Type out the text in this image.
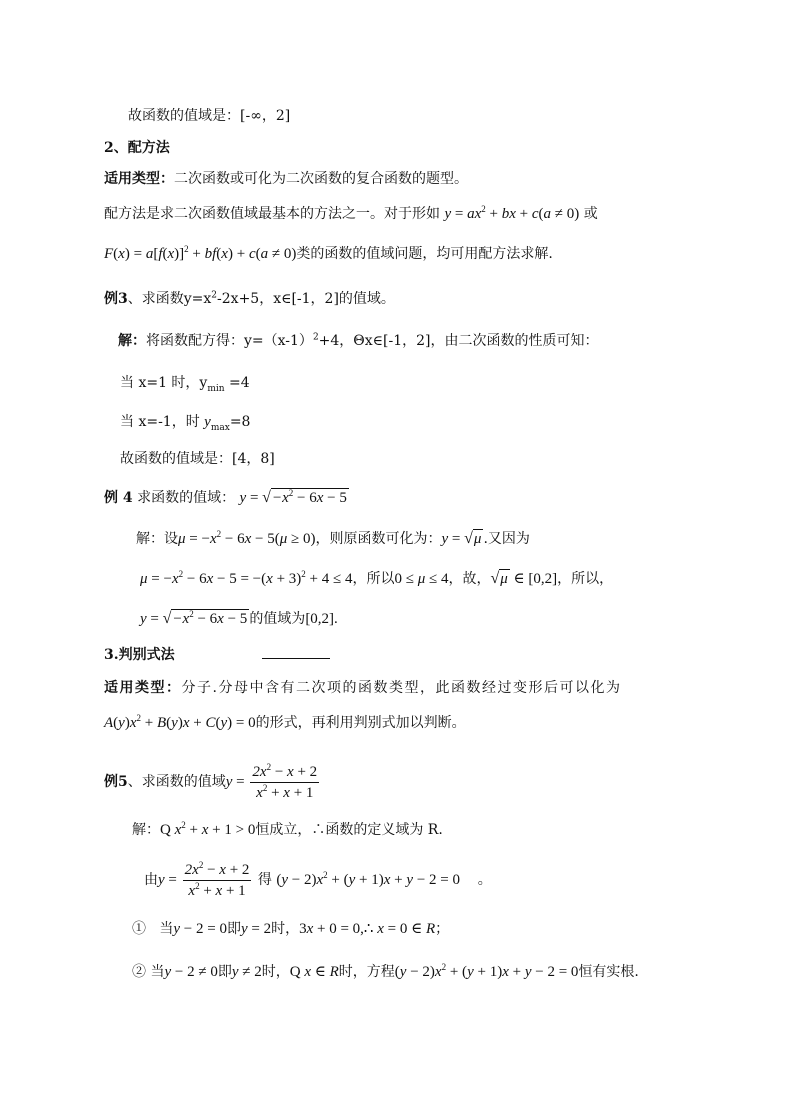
故函数的值域是：[-∞，2]
2、配方法
适用类型：二次函数或可化为二次函数的复合函数的题型。
配方法是求二次函数值域最基本的方法之一。对于形如 $y = ax^2$ + bx + c(a ≠ 0) 或
$F(x) = a[f(x)]^2 + bf(x) + c(a \ne 0)$类的函数的值域问题，均可用配方法求解.
例3、求函数$y=x^2-2x+5$，x∈[-1，2]的值域。
解：将函数配方得：$y=(x-1)^2+4$，Θx∈[-1，2]，由二次函数的性质可知：
当 x=1 时，$y_{min} =4$
当 x=-1，时 $y_{max}=8$
故函数的值域是：[4，8]
例 4 求函数的值域： $y = √-x^2 - 6x - 5$
解：设$\mu = -x^2 - 6x - 5(\mu \ge 0)$，则原函数可化为：y = √μ .又因为
$\mu = -x^2 - 6x - 5 = -(x + 3)^2 + 4 \le 4$，所以0 ≤ μ ≤ 4，故，√μ ∈ [0,2]，所以，
$y = √-x^2 - 6x - 5$ 的值域为[0,2].
3.判别式法
适用类型：分子.分母中含有二次项的函数类型，此函数经过变形后可以化为
$A(y)x^2 + B(y)x + C(y) = 0$的形式，再利用判别式加以判断。
例5、求函数的值域$y = \frac{2x^2 - x + 2}{x^2 + x + 1}$
解：Q $x^2 + x + 1 > 0$恒成立，∴函数的定义域为 R.
由$y = \frac{2x^2 - x + 2}{x^2 + x + 1}$ 得 $(y - 2)x^2 + (y + 1)x + y - 2 = 0$ 。
① 当y − 2 = 0即y = 2时，3x + 0 = 0,∴ x = 0 ∈ R；
② 当y − 2 ≠ 0即y ≠ 2时，Q x ∈ R时，方程$(y - 2)x^2 + (y + 1)x + y - 2 = 0$恒有实根.
